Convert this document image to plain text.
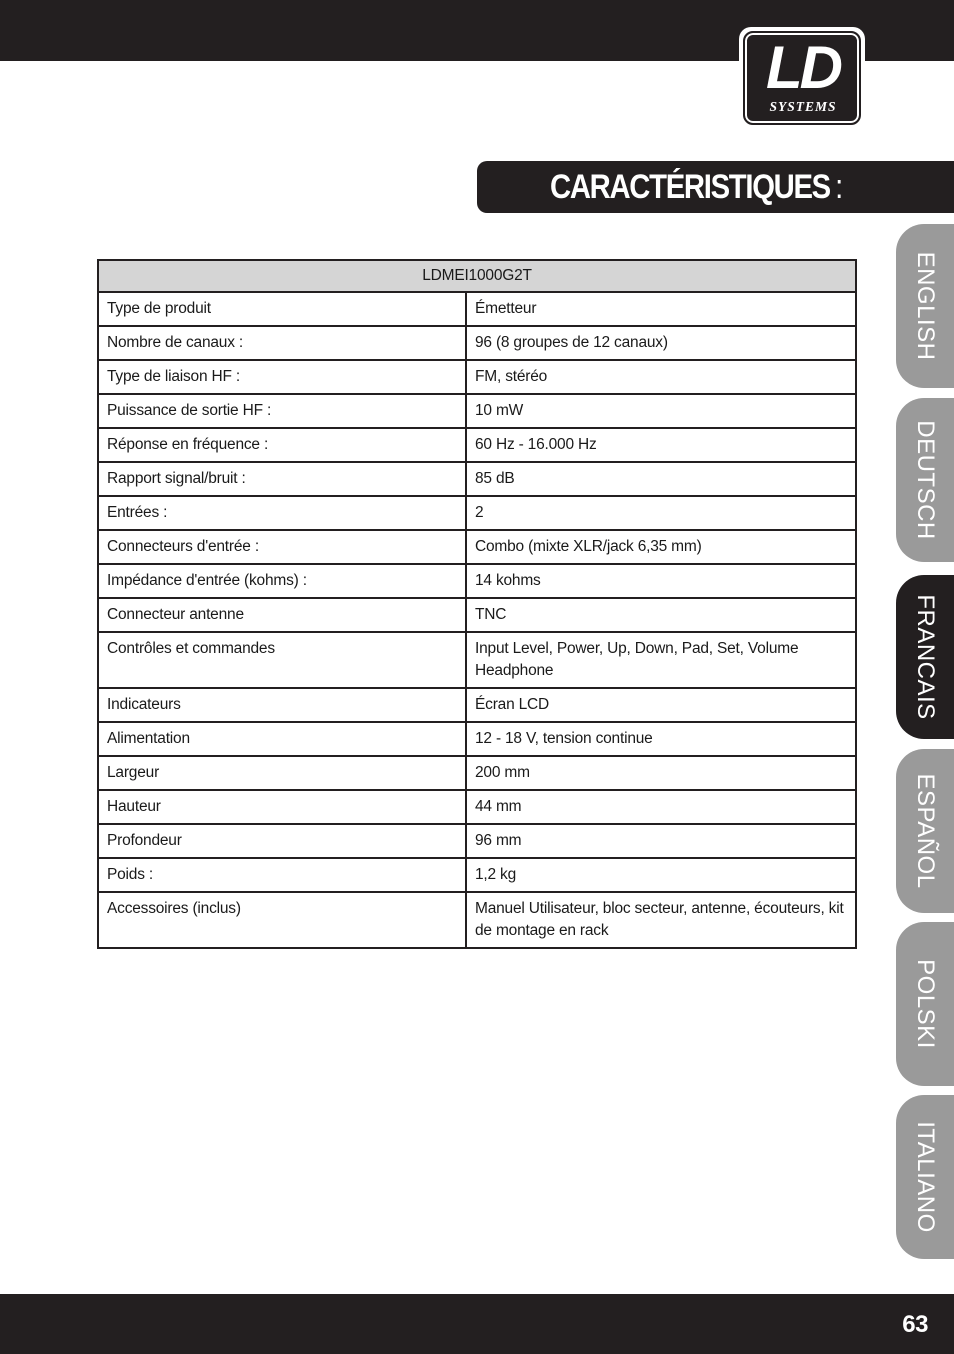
LD
SYSTEMS
CARACTÉRISTIQUES :
LDMEI1000G2T	
Type de produit	Émetteur
Nombre de canaux :	96 (8 groupes de 12 canaux)
Type de liaison HF :	FM, stéréo
Puissance de sortie HF :	10 mW
Réponse en fréquence :	60 Hz - 16.000 Hz
Rapport signal/bruit :	85 dB
Entrées :	2
Connecteurs d'entrée :	Combo (mixte XLR/jack 6,35 mm)
Impédance d'entrée (kohms) :	14 kohms
Connecteur antenne	TNC
Contrôles et commandes	Input Level, Power, Up, Down, Pad, Set, Volume Headphone
Indicateurs	Écran LCD
Alimentation	12 - 18 V, tension continue
Largeur	200 mm
Hauteur	44 mm
Profondeur	96 mm
Poids :	1,2 kg
Accessoires (inclus)	Manuel Utilisateur, bloc secteur, antenne, écouteurs, kit de montage en rack
ENGLISH
DEUTSCH
FRANCAIS
ESPAÑOL
POLSKI
ITALIANO
63
